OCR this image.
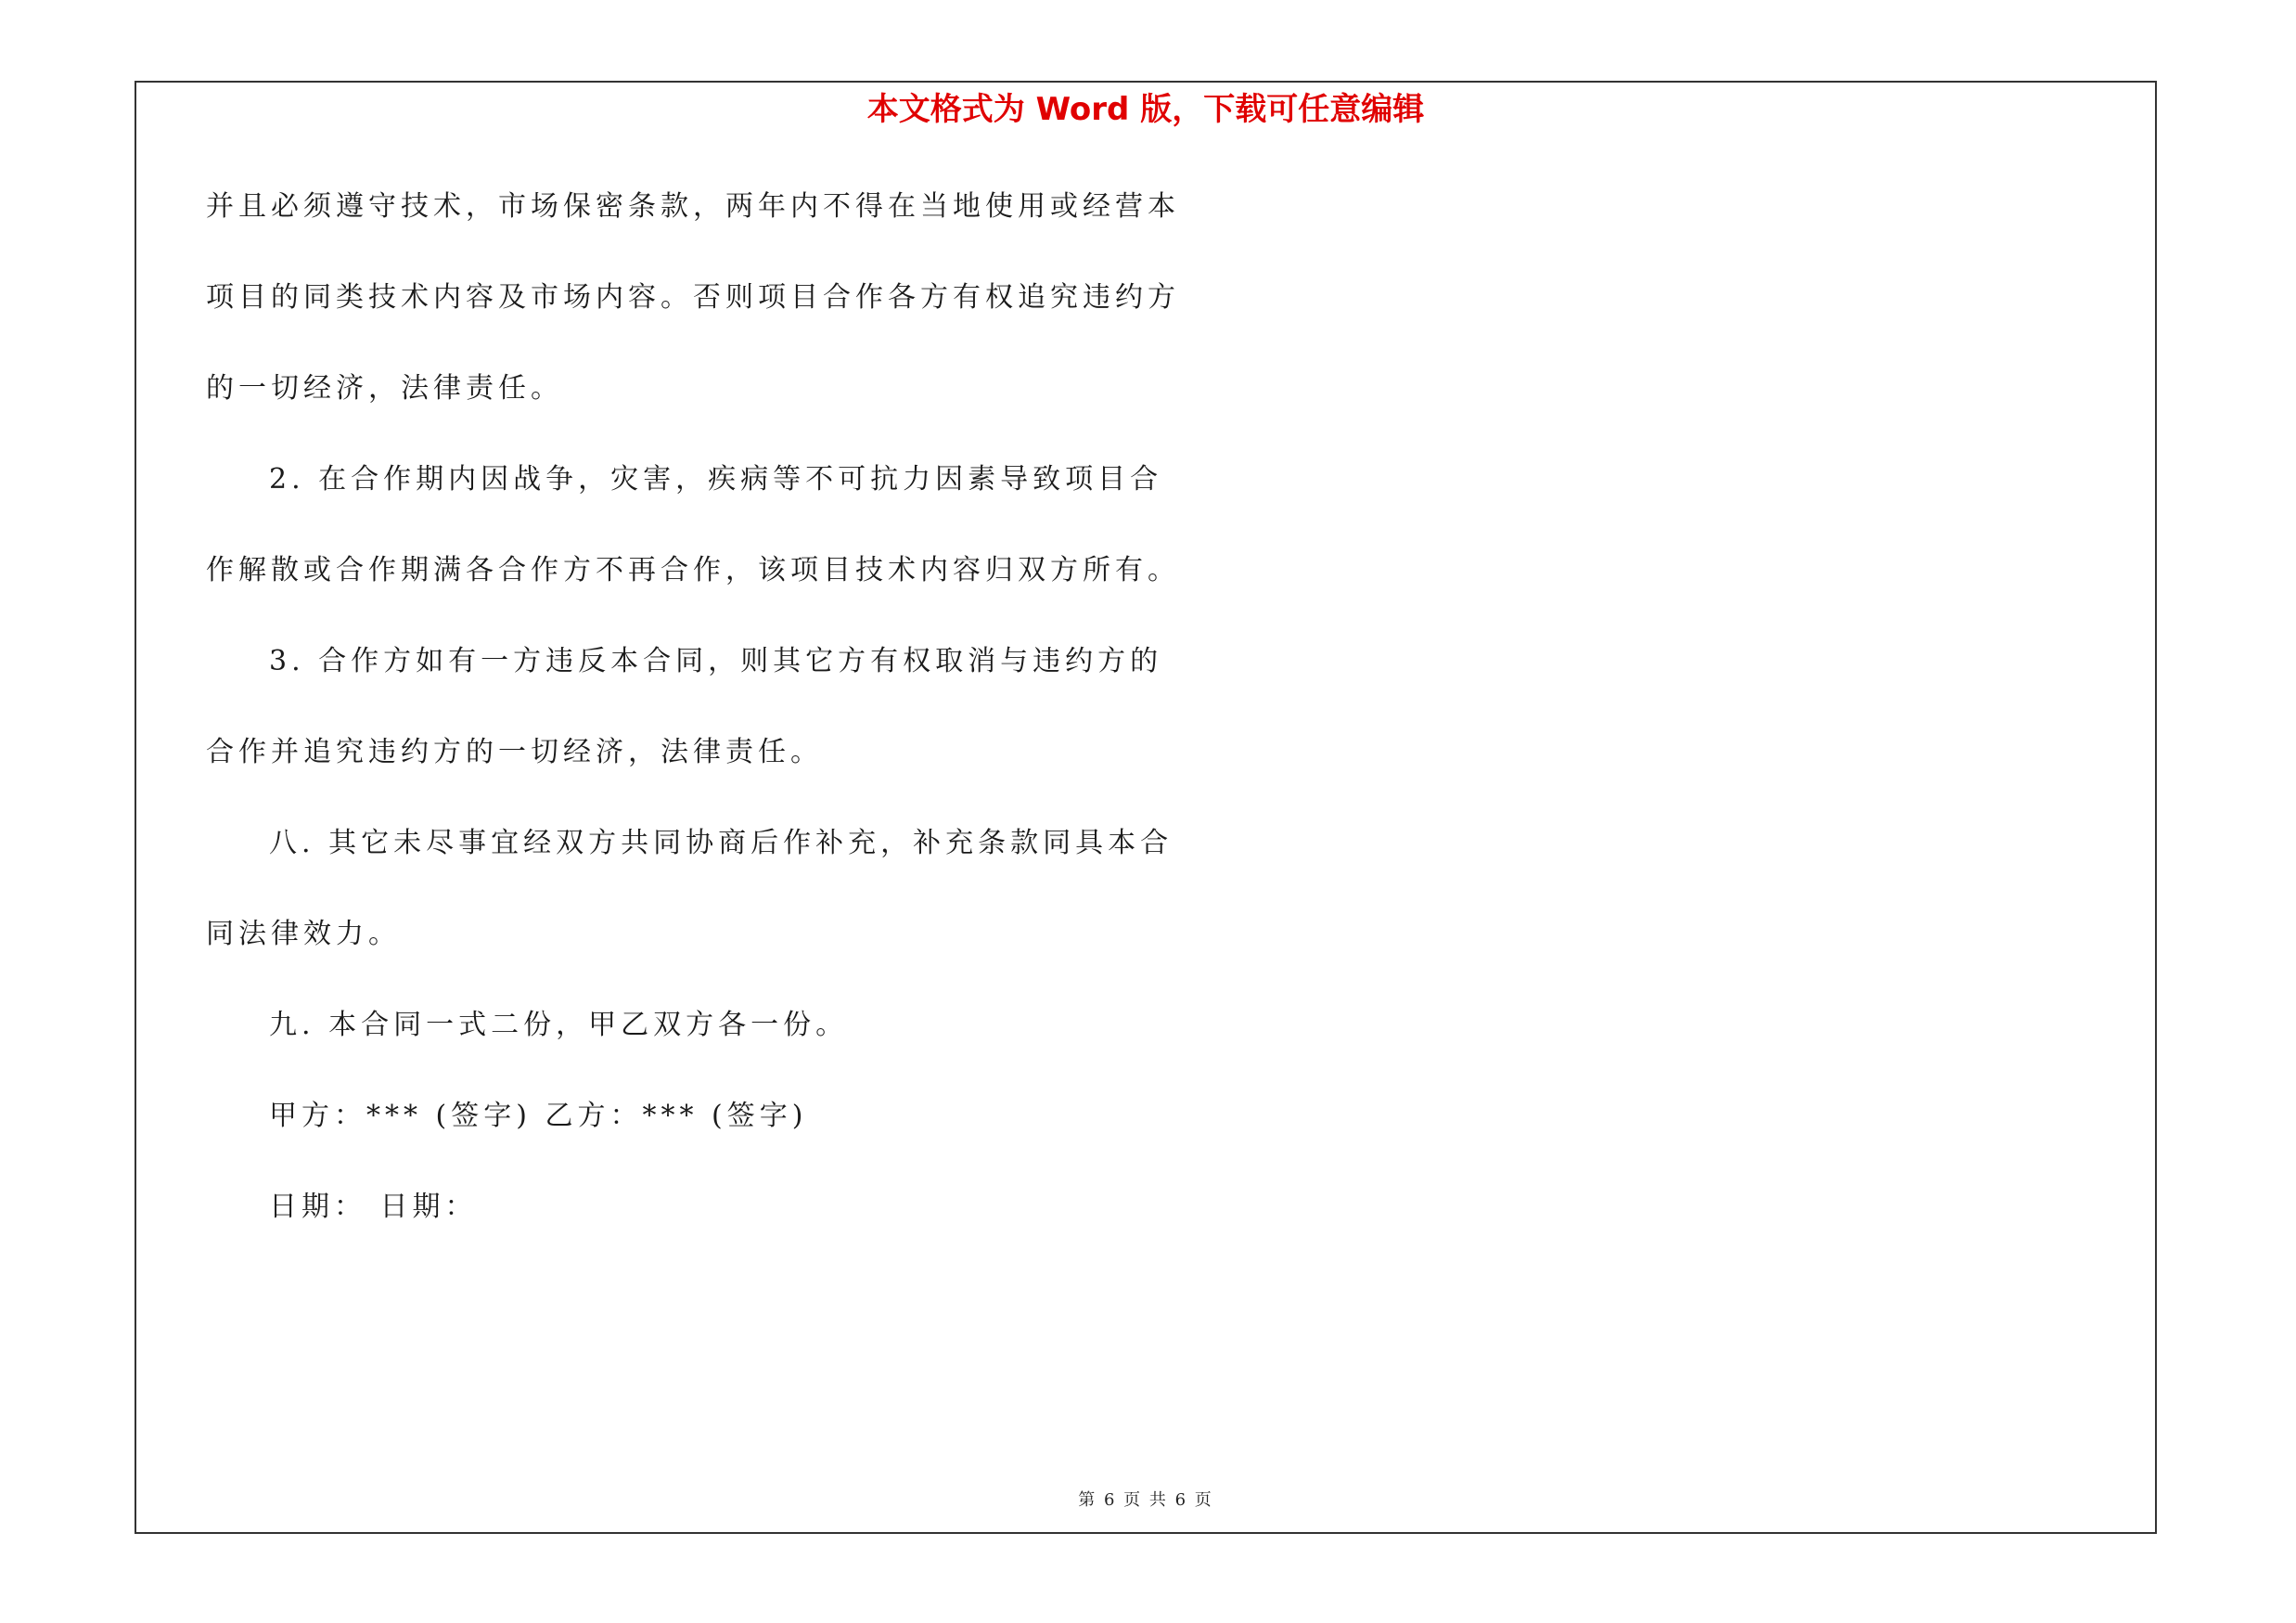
本文格式为 Word 版，下载可任意编辑
并且必须遵守技术，市场保密条款，两年内不得在当地使用或经营本
项目的同类技术内容及市场内容。否则项目合作各方有权追究违约方
的一切经济，法律责任。
2. 在合作期内因战争，灾害，疾病等不可抗力因素导致项目合
作解散或合作期满各合作方不再合作，该项目技术内容归双方所有。
3. 合作方如有一方违反本合同，则其它方有权取消与违约方的
合作并追究违约方的一切经济，法律责任。
八. 其它未尽事宜经双方共同协商后作补充，补充条款同具本合
同法律效力。
九. 本合同一式二份，甲乙双方各一份。
甲方：*** (签字) 乙方：*** (签字)
日期： 日期：
第 6 页 共 6 页
